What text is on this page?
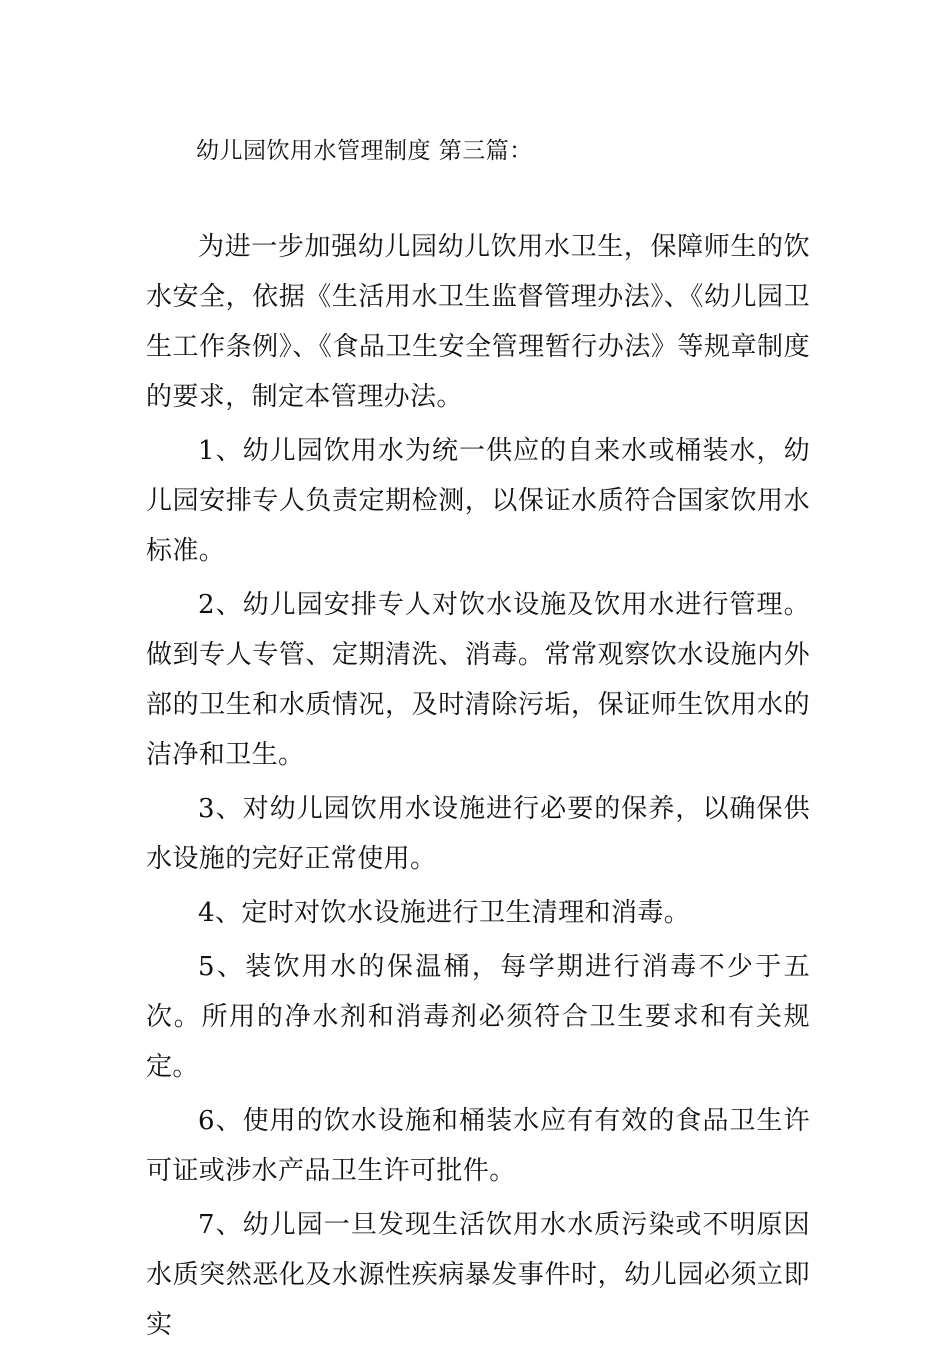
幼儿园饮用水管理制度 第三篇：

为进一步加强幼儿园幼儿饮用水卫生，保障师生的饮水安全，依据《生活用水卫生监督管理办法》、《幼儿园卫生工作条例》、《食品卫生安全管理暂行办法》等规章制度的要求，制定本管理办法。

1、幼儿园饮用水为统一供应的自来水或桶装水，幼儿园安排专人负责定期检测，以保证水质符合国家饮用水标准。

2、幼儿园安排专人对饮水设施及饮用水进行管理。做到专人专管、定期清洗、消毒。常常观察饮水设施内外部的卫生和水质情况，及时清除污垢，保证师生饮用水的洁净和卫生。

3、对幼儿园饮用水设施进行必要的保养，以确保供水设施的完好正常使用。

4、定时对饮水设施进行卫生清理和消毒。

5、装饮用水的保温桶，每学期进行消毒不少于五次。所用的净水剂和消毒剂必须符合卫生要求和有关规定。

6、使用的饮水设施和桶装水应有有效的食品卫生许可证或涉水产品卫生许可批件。

7、幼儿园一旦发现生活饮用水水质污染或不明原因水质突然恶化及水源性疾病暴发事件时，幼儿园必须立即实
